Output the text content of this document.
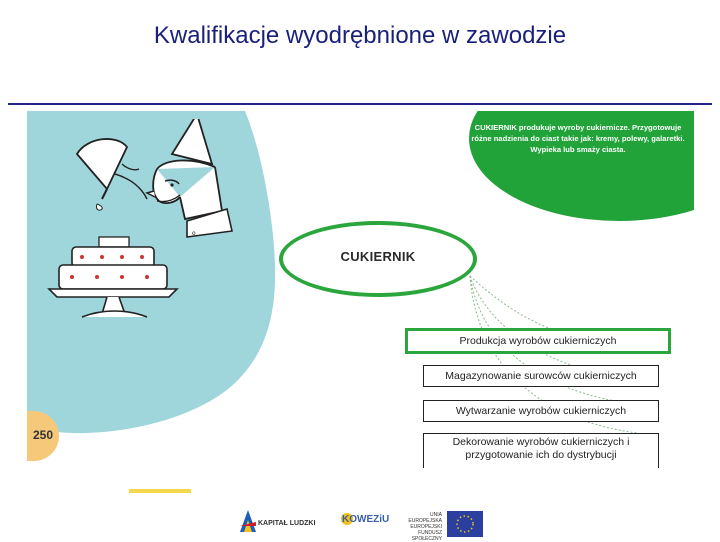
Kwalifikacje wyodrębnione w zawodzie
o
250
CUKIERNIK produkuje wyroby cukiernicze. Przygotowuje różne nadzienia do ciast takie jak: kremy, polewy, galaretki. Wypieka lub smaży ciasta.
CUKIERNIK
Produkcja wyrobów cukierniczych
Magazynowanie surowców cukierniczych
Wytwarzanie wyrobów cukierniczych
Dekorowanie wyrobów cukierniczych i przygotowanie ich do dystrybucji
KAPITAŁ LUDZKI	KOWEZiU	UNIA EUROPEJSKA EUROPEJSKI FUNDUSZ SPOŁECZNY
